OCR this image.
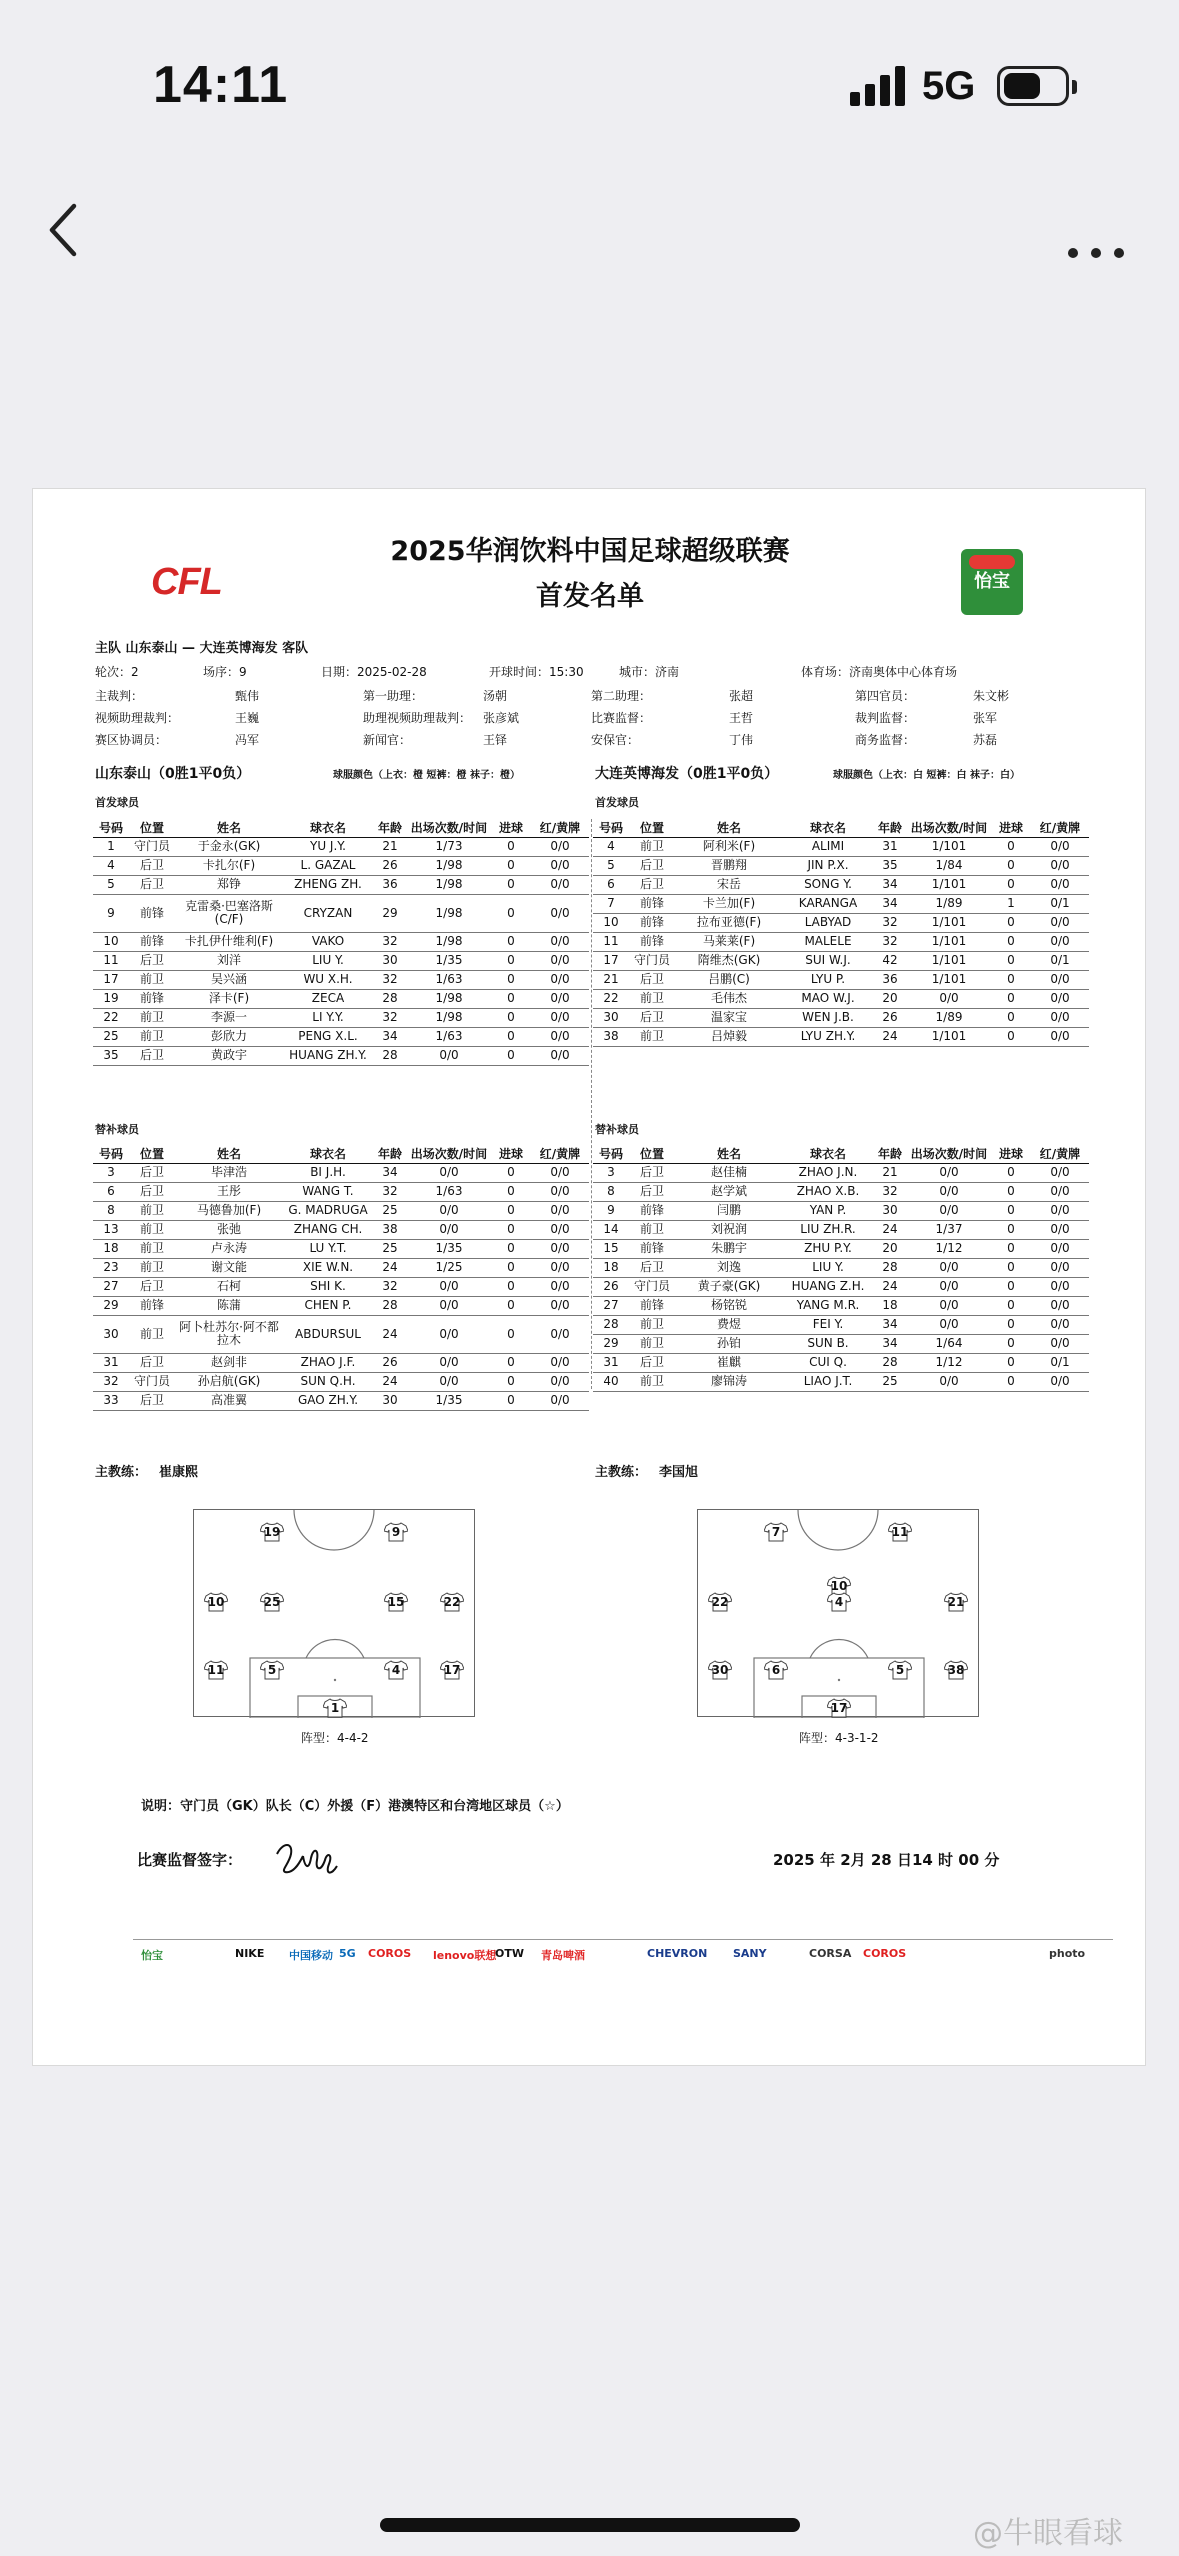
14:11	5G
CFL	怡宝
2025华润饮料中国足球超级联赛
首发名单
主队 山东泰山 — 大连英博海发 客队
轮次：2	场序：9	日期：2025-02-28	开球时间：15:30	城市：济南	体育场：济南奥体中心体育场
主裁判：	甄伟	第一助理：	汤朝	第二助理：	张超	第四官员：	朱文彬
视频助理裁判：	王巍	助理视频助理裁判： 张彦斌	比赛监督：	王哲	裁判监督：	张军
赛区协调员：	冯军	新闻官：	王铎	安保官：	丁伟	商务监督：	苏磊
山东泰山（0胜1平0负）	球服颜色（上衣：橙 短裤：橙 袜子：橙）	大连英博海发（0胜1平0负）	球服颜色（上衣：白 短裤：白 袜子：白）
首发球员	首发球员
号码	位置	姓名	球衣名	年龄	出场次数/时间	进球	红/黄牌
1	守门员	于金永(GK)	YU J.Y.	21	1/73	0	0/0
4	后卫	卡扎尔(F)	L. GAZAL	26	1/98	0	0/0
5	后卫	郑铮	ZHENG ZH.	36	1/98	0	0/0
9	前锋	克雷桑·巴塞洛斯(C/F)	CRYZAN	29	1/98	0	0/0
10	前锋	卡扎伊什维利(F)	VAKO	32	1/98	0	0/0
11	后卫	刘洋	LIU Y.	30	1/35	0	0/0
17	前卫	吴兴涵	WU X.H.	32	1/63	0	0/0
19	前锋	泽卡(F)	ZECA	28	1/98	0	0/0
22	前卫	李源一	LI Y.Y.	32	1/98	0	0/0
25	前卫	彭欣力	PENG X.L.	34	1/63	0	0/0
35	后卫	黄政宇	HUANG ZH.Y.	28	0/0	0	0/0
号码	位置	姓名	球衣名	年龄	出场次数/时间	进球	红/黄牌
4	前卫	阿利米(F)	ALIMI	31	1/101	0	0/0
5	后卫	晋鹏翔	JIN P.X.	35	1/84	0	0/0
6	后卫	宋岳	SONG Y.	34	1/101	0	0/0
7	前锋	卡兰加(F)	KARANGA	34	1/89	1	0/1
10	前锋	拉布亚德(F)	LABYAD	32	1/101	0	0/0
11	前锋	马莱莱(F)	MALELE	32	1/101	0	0/0
17	守门员	隋维杰(GK)	SUI W.J.	42	1/101	0	0/1
21	后卫	吕鹏(C)	LYU P.	36	1/101	0	0/0
22	前卫	毛伟杰	MAO W.J.	20	0/0	0	0/0
30	后卫	温家宝	WEN J.B.	26	1/89	0	0/0
38	前卫	吕焯毅	LYU ZH.Y.	24	1/101	0	0/0
替补球员	替补球员
号码	位置	姓名	球衣名	年龄	出场次数/时间	进球	红/黄牌
3	后卫	毕津浩	BI J.H.	34	0/0	0	0/0
6	后卫	王彤	WANG T.	32	1/63	0	0/0
8	前卫	马德鲁加(F)	G. MADRUGA	25	0/0	0	0/0
13	前卫	张弛	ZHANG CH.	38	0/0	0	0/0
18	前卫	卢永涛	LU Y.T.	25	1/35	0	0/0
23	前卫	谢文能	XIE W.N.	24	1/25	0	0/0
27	后卫	石柯	SHI K.	32	0/0	0	0/0
29	前锋	陈蒲	CHEN P.	28	0/0	0	0/0
30	前卫	阿卜杜苏尔·阿不都拉木	ABDURSUL	24	0/0	0	0/0
31	后卫	赵剑非	ZHAO J.F.	26	0/0	0	0/0
32	守门员	孙启航(GK)	SUN Q.H.	24	0/0	0	0/0
33	后卫	高准翼	GAO ZH.Y.	30	1/35	0	0/0
号码	位置	姓名	球衣名	年龄	出场次数/时间	进球	红/黄牌
3	后卫	赵佳楠	ZHAO J.N.	21	0/0	0	0/0
8	后卫	赵学斌	ZHAO X.B.	32	0/0	0	0/0
9	前锋	闫鹏	YAN P.	30	0/0	0	0/0
14	前卫	刘祝润	LIU ZH.R.	24	1/37	0	0/0
15	前锋	朱鹏宇	ZHU P.Y.	20	1/12	0	0/0
18	后卫	刘逸	LIU Y.	28	0/0	0	0/0
26	守门员	黄子豪(GK)	HUANG Z.H.	24	0/0	0	0/0
27	前锋	杨铭锐	YANG M.R.	18	0/0	0	0/0
28	前卫	费煜	FEI Y.	34	0/0	0	0/0
29	前卫	孙铂	SUN B.	34	1/64	0	0/0
31	后卫	崔麒	CUI Q.	28	1/12	0	0/1
40	前卫	廖锦涛	LIAO J.T.	25	0/0	0	0/0
主教练： 崔康熙	主教练： 李国旭
19	9
10	25	15	22
11	5	4	17
1
7	11
10
22	4	21
30	6	5	38
17
阵型：4-4-2	阵型：4-3-1-2
说明：守门员（GK）队长（C）外援（F）港澳特区和台湾地区球员（☆）
比赛监督签字：	2025 年 2月 28 日14 时 00 分
怡宝	NIKE 中国移动 5G COROS lenovo联想
OTW 青岛啤酒	CHEVRON SANY	CORSA COROS	photo
@牛眼看球
